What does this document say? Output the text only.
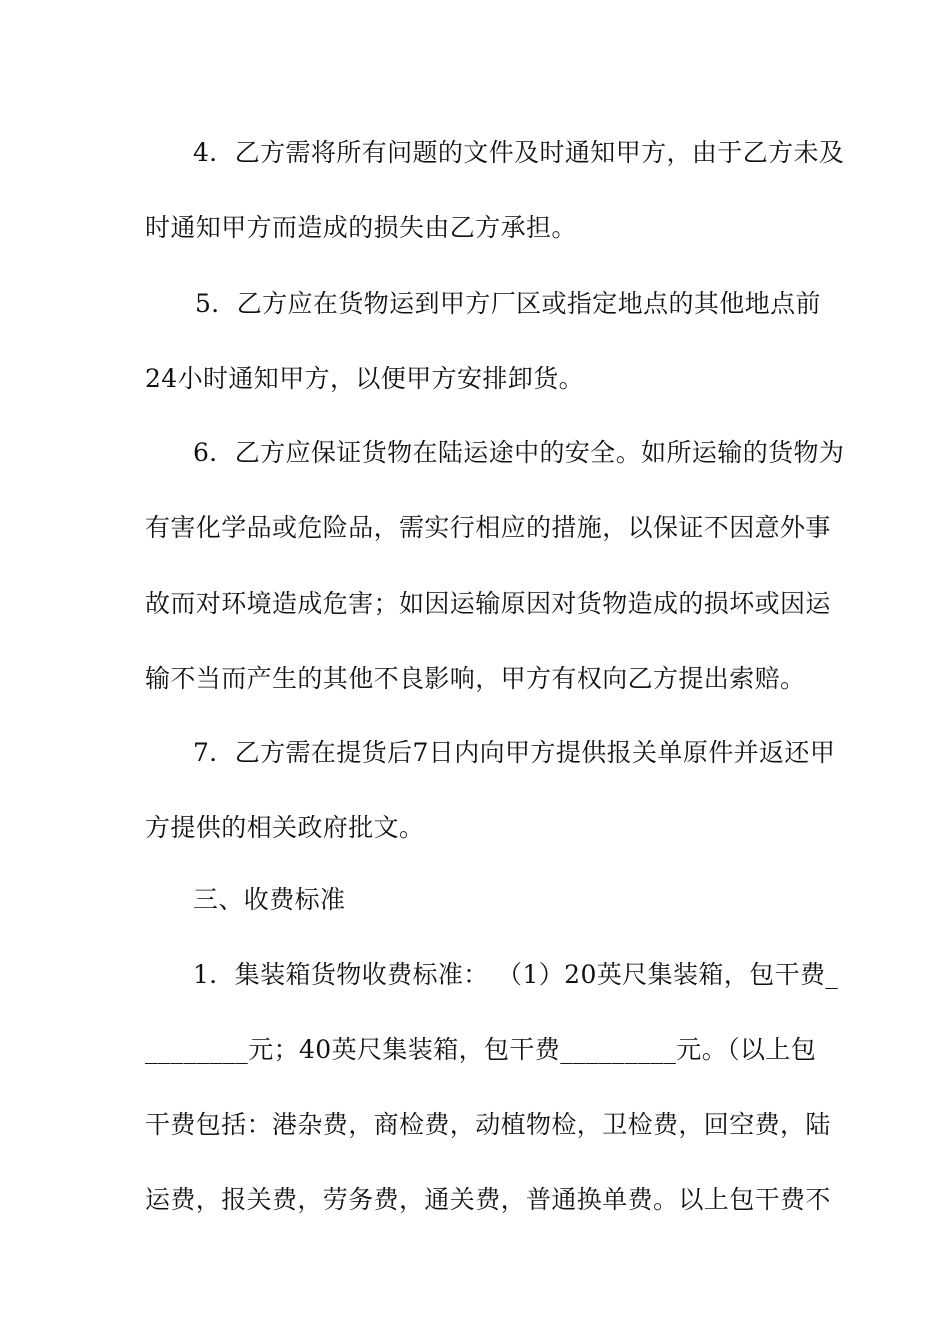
4．乙方需将所有问题的文件及时通知甲方，由于乙方未及
时通知甲方而造成的损失由乙方承担。
5．乙方应在货物运到甲方厂区或指定地点的其他地点前
24小时通知甲方，以便甲方安排卸货。
6．乙方应保证货物在陆运途中的安全。如所运输的货物为
有害化学品或危险品，需实行相应的措施，以保证不因意外事
故而对环境造成危害；如因运输原因对货物造成的损坏或因运
输不当而产生的其他不良影响，甲方有权向乙方提出索赔。
7．乙方需在提货后7日内向甲方提供报关单原件并返还甲
方提供的相关政府批文。
三、收费标准
1．集装箱货物收费标准： （1）20英尺集装箱，包干费_
________元；40英尺集装箱，包干费_________元。（以上包
干费包括：港杂费，商检费，动植物检，卫检费，回空费，陆
运费，报关费，劳务费，通关费，普通换单费。以上包干费不
